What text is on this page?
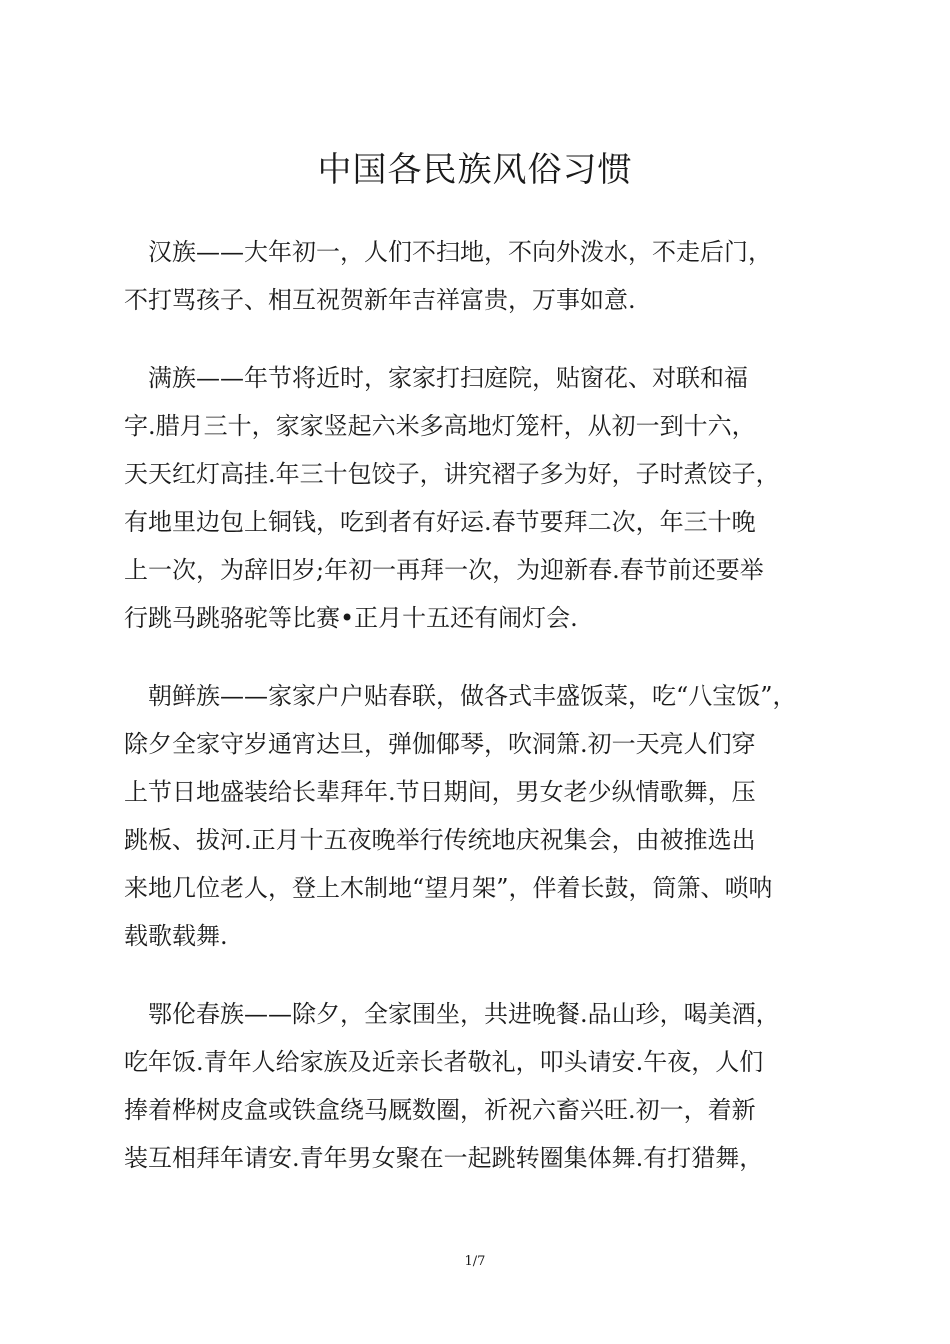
中国各民族风俗习惯
　汉族——大年初一，人们不扫地，不向外泼水，不走后门，
不打骂孩子、相互祝贺新年吉祥富贵，万事如意.
　满族——年节将近时，家家打扫庭院，贴窗花、对联和福
字.腊月三十，家家竖起六米多高地灯笼杆，从初一到十六，
天天红灯高挂.年三十包饺子，讲究褶子多为好，子时煮饺子，
有地里边包上铜钱，吃到者有好运.春节要拜二次，年三十晚
上一次，为辞旧岁;年初一再拜一次，为迎新春.春节前还要举
行跳马跳骆驼等比赛•正月十五还有闹灯会.
　朝鲜族——家家户户贴春联，做各式丰盛饭菜，吃“八宝饭”，
除夕全家守岁通宵达旦，弹伽倻琴，吹洞箫.初一天亮人们穿
上节日地盛装给长辈拜年.节日期间，男女老少纵情歌舞，压
跳板、拔河.正月十五夜晚举行传统地庆祝集会，由被推选出
来地几位老人，登上木制地“望月架”，伴着长鼓，筒箫、唢呐
载歌载舞.
　鄂伦春族——除夕，全家围坐，共进晚餐.品山珍，喝美酒，
吃年饭.青年人给家族及近亲长者敬礼，叩头请安.午夜，人们
捧着桦树皮盒或铁盒绕马厩数圈，祈祝六畜兴旺.初一，着新
装互相拜年请安.青年男女聚在一起跳转圈集体舞.有打猎舞，
1/7
